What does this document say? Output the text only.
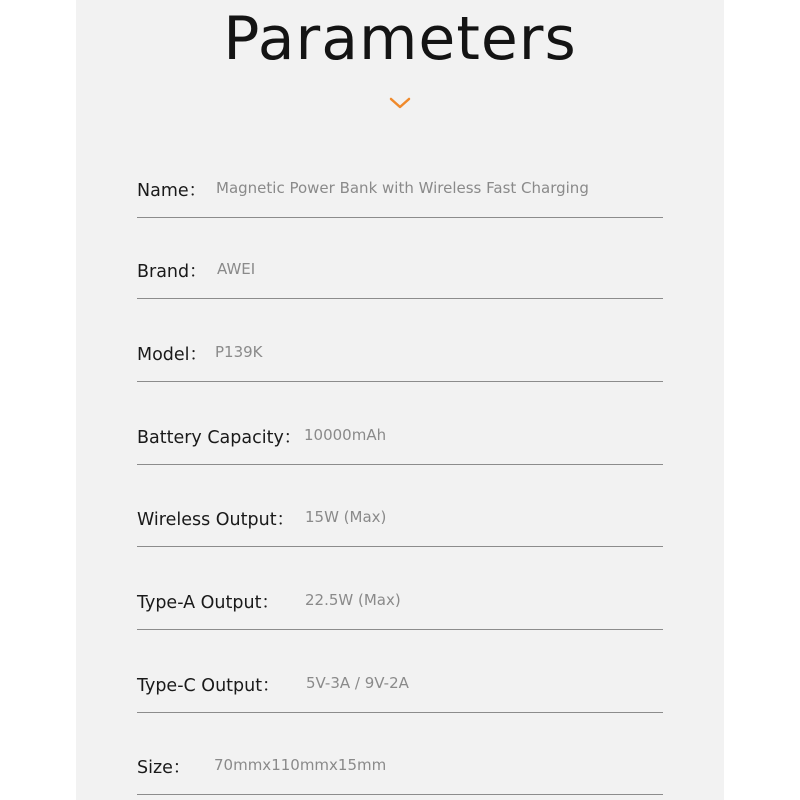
Parameters
Name： Magnetic Power Bank with Wireless Fast Charging
Brand： AWEI
Model： P139K
Battery Capacity： 10000mAh
Wireless Output： 15W (Max)
Type-A Output： 22.5W (Max)
Type-C Output： 5V-3A / 9V-2A
Size： 70mmx110mmx15mm
